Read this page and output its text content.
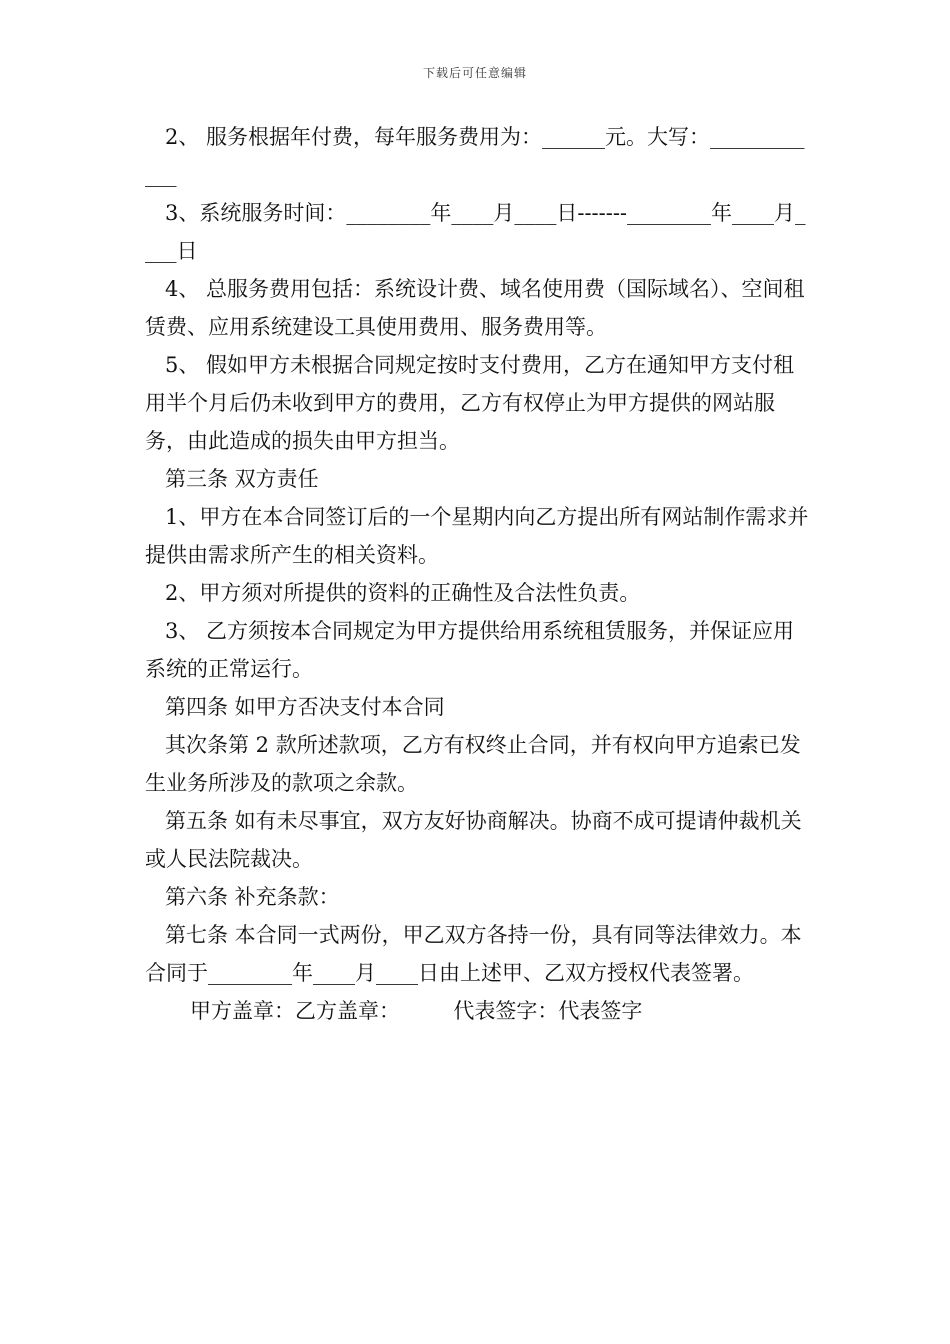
下载后可任意编辑

2、 服务根据年付费，每年服务费用为：______元。大写：____________

3、系统服务时间：________年____月____日-------________年____月____日

4、 总服务费用包括：系统设计费、域名使用费（国际域名）、空间租赁费、应用系统建设工具使用费用、服务费用等。

5、 假如甲方未根据合同规定按时支付费用，乙方在通知甲方支付租用半个月后仍未收到甲方的费用，乙方有权停止为甲方提供的网站服务，由此造成的损失由甲方担当。

第三条 双方责任

1、甲方在本合同签订后的一个星期内向乙方提出所有网站制作需求并提供由需求所产生的相关资料。

2、甲方须对所提供的资料的正确性及合法性负责。

3、 乙方须按本合同规定为甲方提供给用系统租赁服务，并保证应用系统的正常运行。

第四条 如甲方否决支付本合同

其次条第 2 款所述款项，乙方有权终止合同，并有权向甲方追索已发生业务所涉及的款项之余款。

第五条 如有未尽事宜，双方友好协商解决。协商不成可提请仲裁机关或人民法院裁决。

第六条 补充条款：

第七条 本合同一式两份，甲乙双方各持一份，具有同等法律效力。本合同于________年____月____日由上述甲、乙双方授权代表签署。

甲方盖章：乙方盖章：        代表签字：代表签字
